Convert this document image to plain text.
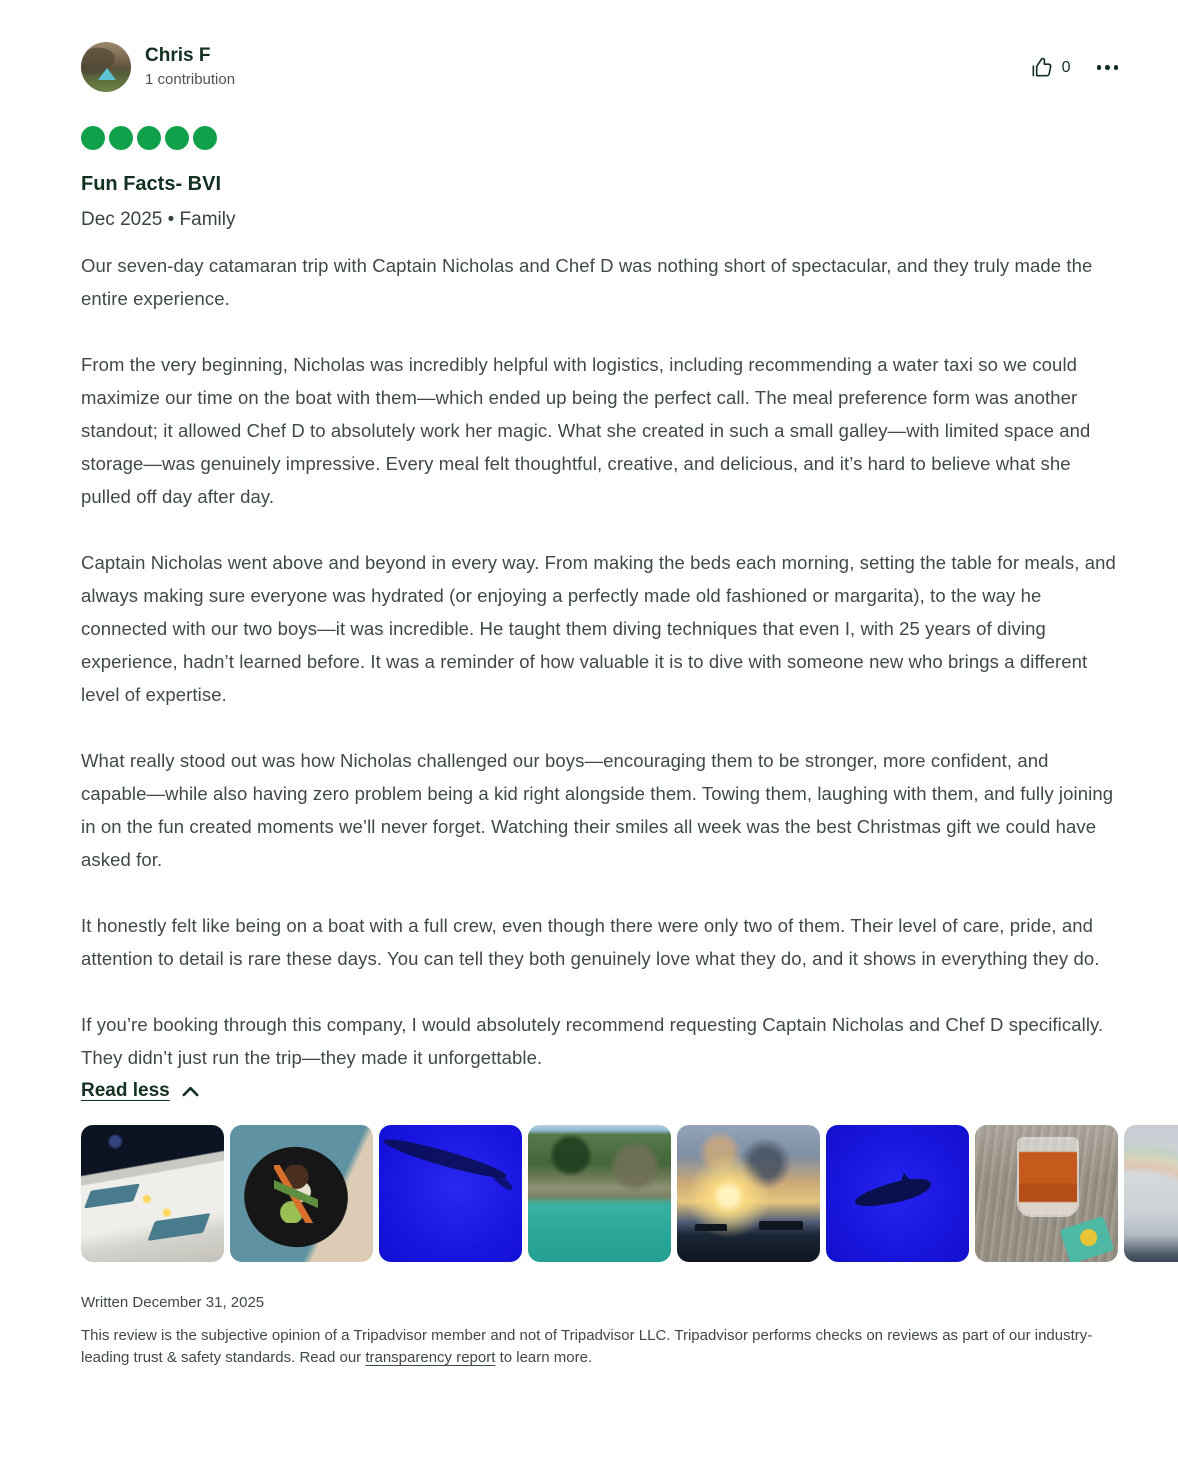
Chris F
1 contribution
0
Fun Facts- BVI
Dec 2025 • Family

Our seven-day catamaran trip with Captain Nicholas and Chef D was nothing short of spectacular, and they truly made the entire experience.

From the very beginning, Nicholas was incredibly helpful with logistics, including recommending a water taxi so we could maximize our time on the boat with them—which ended up being the perfect call. The meal preference form was another standout; it allowed Chef D to absolutely work her magic. What she created in such a small galley—with limited space and storage—was genuinely impressive. Every meal felt thoughtful, creative, and delicious, and it’s hard to believe what she pulled off day after day.

Captain Nicholas went above and beyond in every way. From making the beds each morning, setting the table for meals, and always making sure everyone was hydrated (or enjoying a perfectly made old fashioned or margarita), to the way he connected with our two boys—it was incredible. He taught them diving techniques that even I, with 25 years of diving experience, hadn’t learned before. It was a reminder of how valuable it is to dive with someone new who brings a different level of expertise.

What really stood out was how Nicholas challenged our boys—encouraging them to be stronger, more confident, and capable—while also having zero problem being a kid right alongside them. Towing them, laughing with them, and fully joining in on the fun created moments we’ll never forget. Watching their smiles all week was the best Christmas gift we could have asked for.

It honestly felt like being on a boat with a full crew, even though there were only two of them. Their level of care, pride, and attention to detail is rare these days. You can tell they both genuinely love what they do, and it shows in everything they do.

If you’re booking through this company, I would absolutely recommend requesting Captain Nicholas and Chef D specifically. They didn’t just run the trip—they made it unforgettable.

Read less
Written December 31, 2025
This review is the subjective opinion of a Tripadvisor member and not of Tripadvisor LLC. Tripadvisor performs checks on reviews as part of our industry-leading trust & safety standards. Read our transparency report to learn more.
